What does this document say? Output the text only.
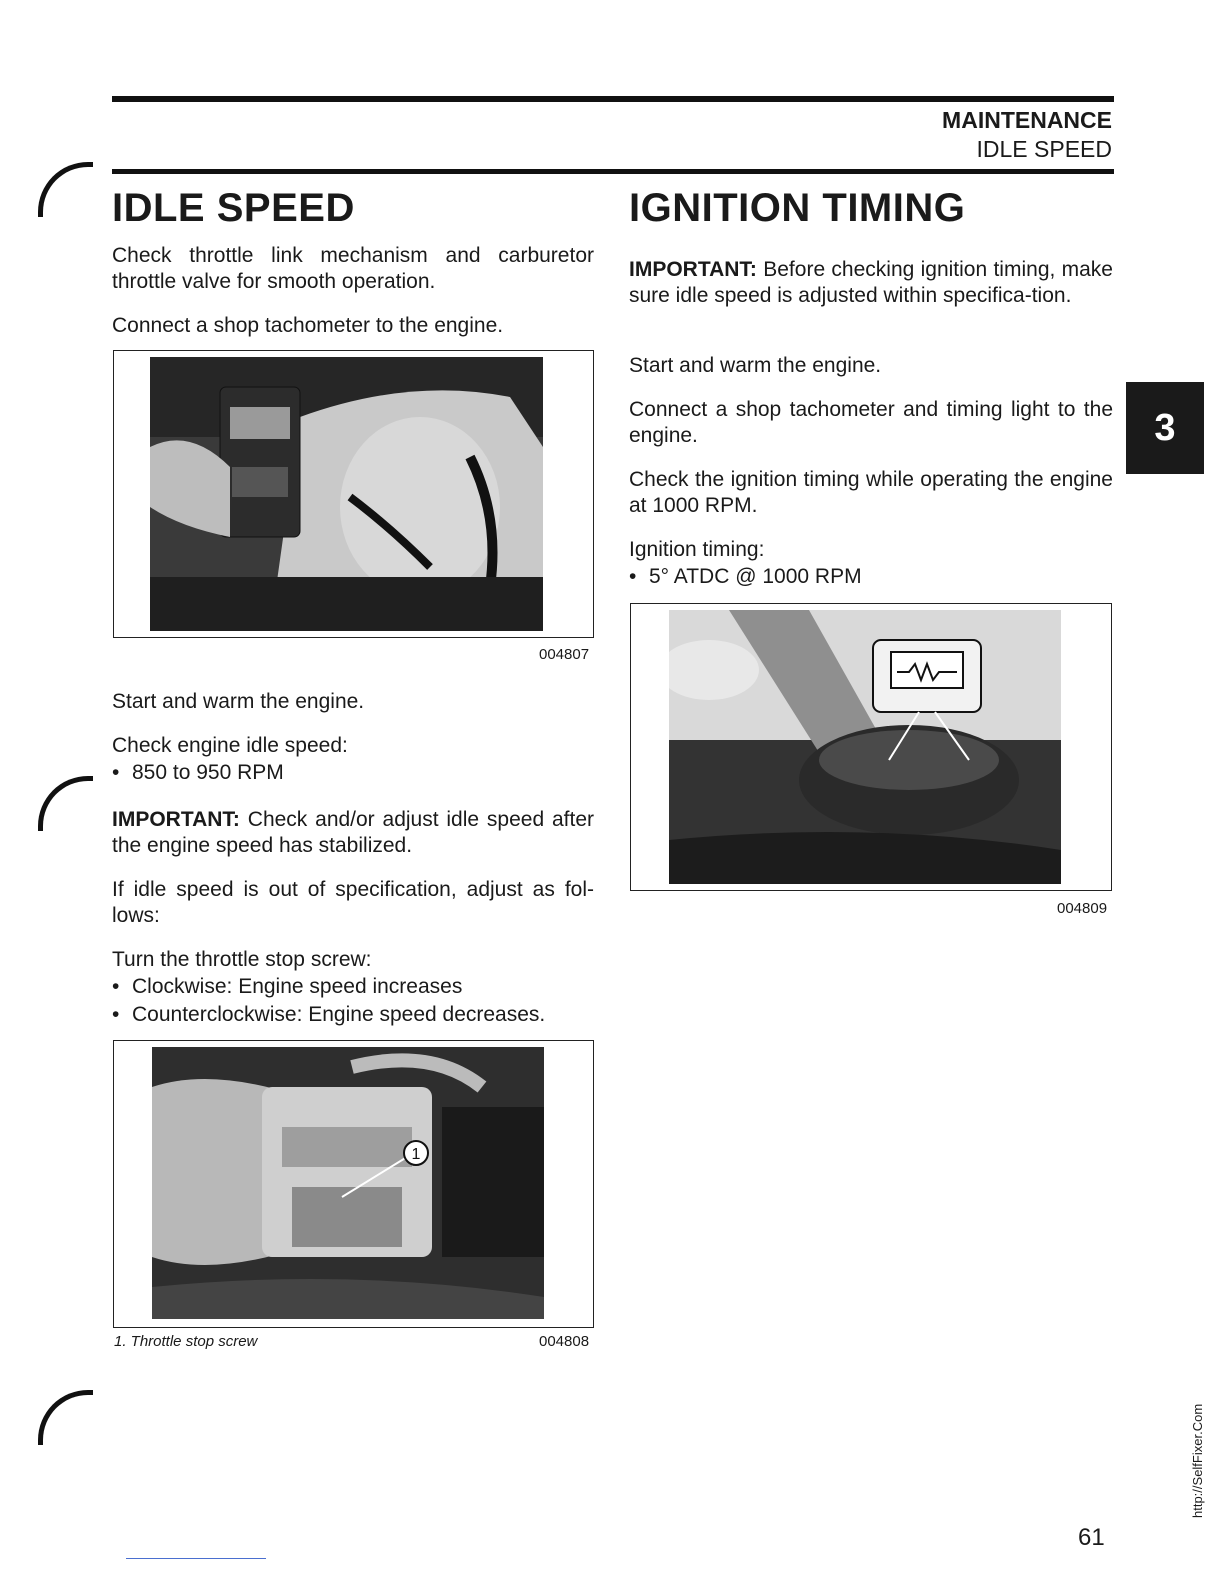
MAINTENANCE
IDLE SPEED
IDLE SPEED

Check throttle link mechanism and carburetor throttle valve for smooth operation.

Connect a shop tachometer to the engine.

004807

Start and warm the engine.

Check engine idle speed:

• 850 to 950 RPM

IMPORTANT: Check and/or adjust idle speed after the engine speed has stabilized.

If idle speed is out of specification, adjust as fol-lows:

Turn the throttle stop screw:

• Clockwise: Engine speed increases
• Counterclockwise: Engine speed decreases.
1
1. Throttle stop screw	004808
IGNITION TIMING

IMPORTANT: Before checking ignition timing, make sure idle speed is adjusted within specifica-tion.

Start and warm the engine.

Connect a shop tachometer and timing light to the engine.

Check the ignition timing while operating the engine at 1000 RPM.

Ignition timing:

• 5° ATDC @ 1000 RPM
004809
3
http://SelfFixer.Com
61
